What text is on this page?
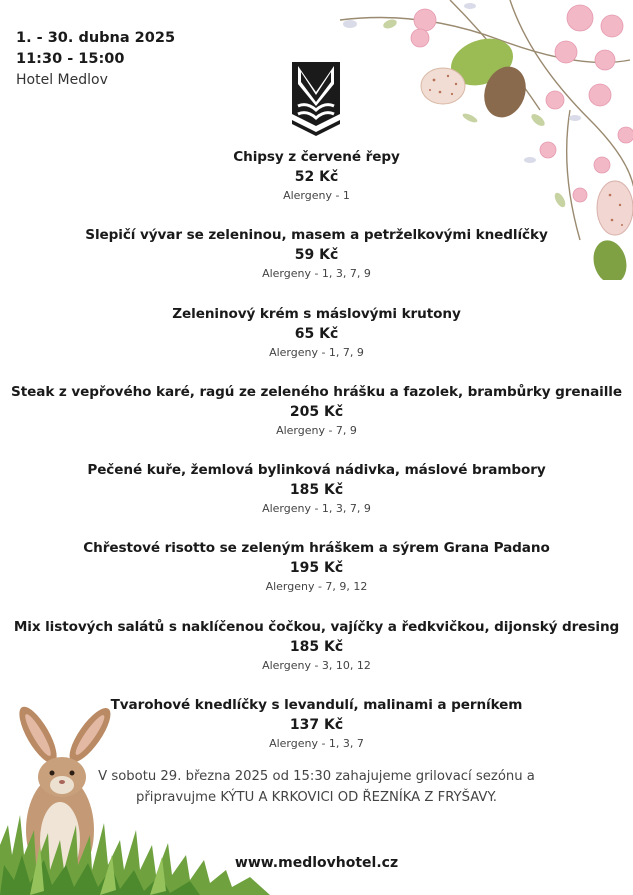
1. - 30. dubna 2025
11:30 - 15:00
Hotel Medlov
Chipsy z červené řepy
52 Kč
Alergeny - 1
Slepičí vývar se zeleninou, masem a petrželkovými knedlíčky
59 Kč
Alergeny - 1, 3, 7, 9
Zeleninový krém s máslovými krutony
65 Kč
Alergeny - 1, 7, 9
Steak z vepřového karé, ragú ze zeleného hrášku a fazolek, brambůrky grenaille
205 Kč
Alergeny - 7, 9
Pečené kuře, žemlová bylinková nádivka, máslové brambory
185 Kč
Alergeny - 1, 3, 7, 9
Chřestové risotto se zeleným hráškem a sýrem Grana Padano
195 Kč
Alergeny - 7, 9, 12
Mix listových salátů s naklíčenou čočkou, vajíčky a ředkvičkou, dijonský dresing
185 Kč
Alergeny - 3, 10, 12
Tvarohové knedlíčky s levandulí, malinami a perníkem
137 Kč
Alergeny - 1, 3, 7
V sobotu 29. března 2025 od 15:30 zahajujeme grilovací sezónu a
připravujme KÝTU A KRKOVICI OD ŘEZNÍKA Z FRYŠAVY.
www.medlovhotel.cz
